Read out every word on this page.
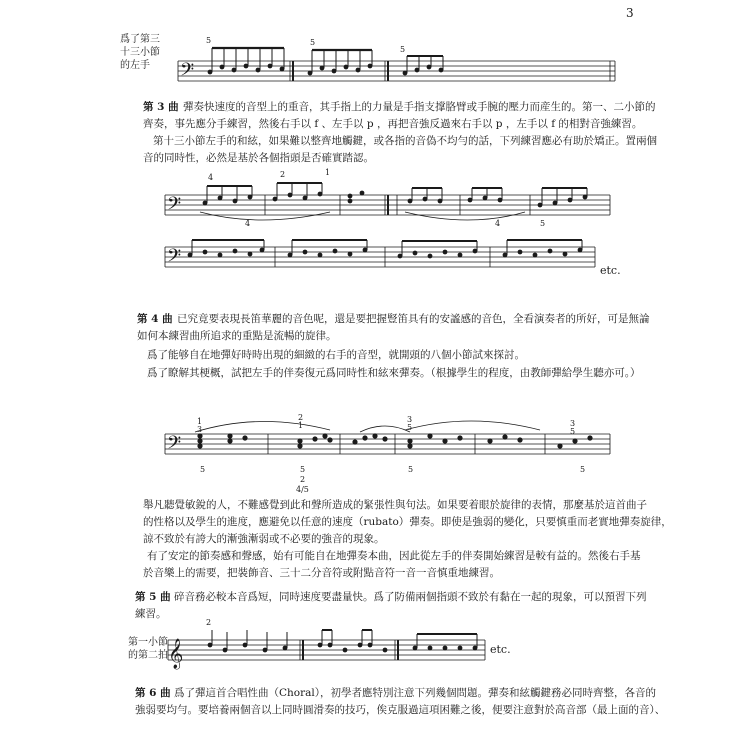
3
爲了第三
十三小節
的左手	𝄢
5	5
5
第 3 曲 彈奏快速度的音型上的重音，其手指上的力量是手指支撑胳臂或手腕的壓力而産生的。第一、二小節的
齊奏，事先應分手練習，然後右手以 f 、左手以 p ，再把音強反過來右手以 p ，左手以 f 的相對音強練習。
第十三小節左手的和絃，如果難以整齊地觸鍵，或各指的音偽不均勻的話，下列練習應必有助於矯正。置兩個
音的同時性，必然是基於各個指頭是否確實踏認。
𝄢
𝄢
4	4	5
4	2	1
etc.
第 4 曲 已究竟要表現長笛華麗的音色呢，還是要把握豎笛具有的安謐感的音色，全看演奏者的所好，可是無論
如何本練習曲所追求的重點是流暢的旋律。
爲了能够自在地彈好時時出現的細緻的右手的音型，就開頭的八個小節試來探討。
爲了瞭解其梗概，試把左手的伴奏復元爲同時性和絃來彈奏。（根據學生的程度，由教師彈給學生聽亦可。）
𝄢
1
3
2
1
3
5	3
5
5	5
2
4/5
5	5
舉凡聽覺敏銳的人，不難感覺到此和聲所造成的緊張性與句法。如果要着眼於旋律的表情，那麼基於這首曲子
的性格以及學生的進度，應避免以任意的速度（rubato）彈奏。即使是強弱的變化，只要慎重而老實地彈奏旋律，
諒不致於有誇大的漸強漸弱或不必要的強音的現象。
有了安定的節奏感和聲感，始有可能自在地彈奏本曲，因此從左手的伴奏開始練習是較有益的。然後右手基
於音樂上的需要，把裝飾音、三十二分音符或附點音符一音一音慎重地練習。
第 5 曲 碎音務必較本音爲短，同時速度要盡量快。爲了防備兩個指頭不致於有黏在一起的現象，可以預習下列
練習。
第一小節
的第二拍 𝄞
2
etc.
第 6 曲 爲了彈這首合唱性曲（Choral），初學者應特別注意下列幾個問題。彈奏和絃觸鍵務必同時齊整，各音的
強弱要均勻。要培養兩個音以上同時圓滑奏的技巧，俟克服過這項困難之後，便要注意對於高音部（最上面的音）、
